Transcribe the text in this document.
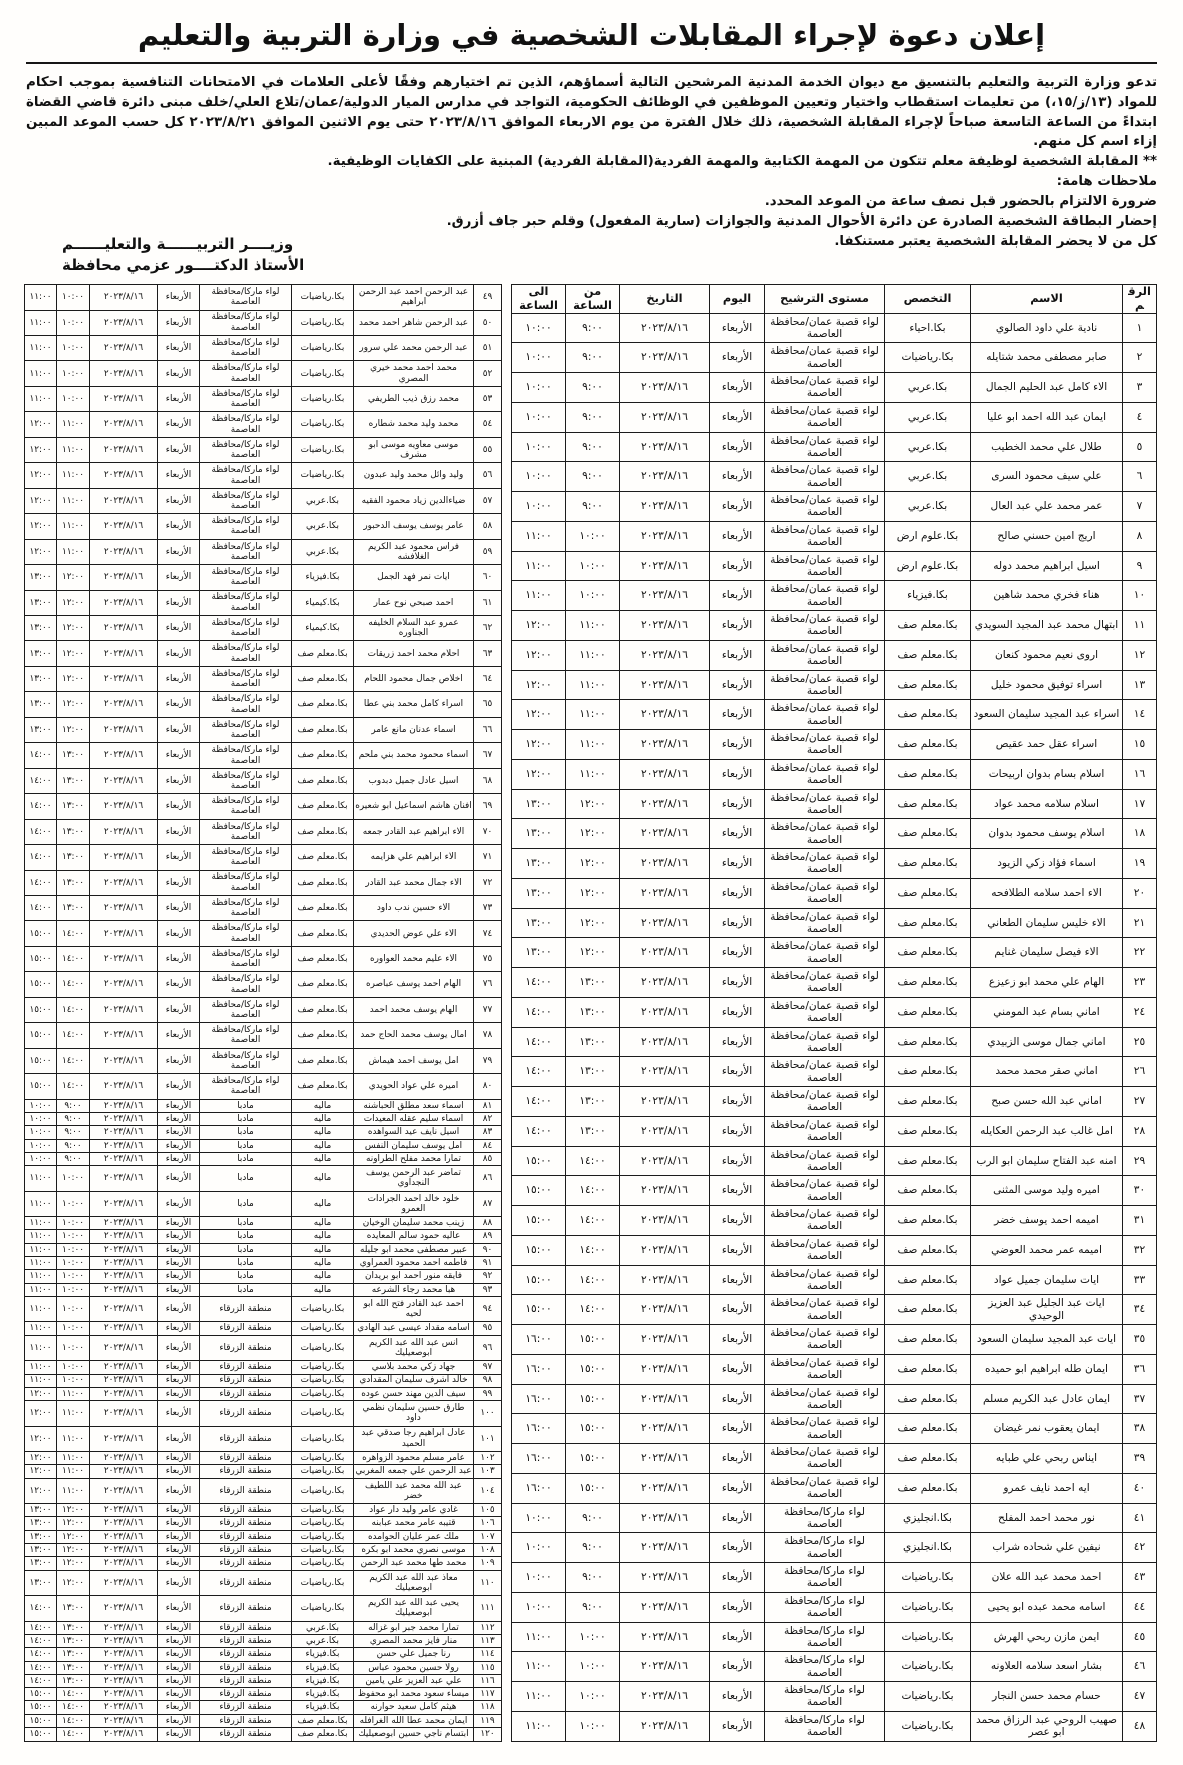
إعلان دعوة لإجراء المقابلات الشخصية في وزارة التربية والتعليم

تدعو وزارة التربية والتعليم بالتنسيق مع ديوان الخدمة المدنية المرشحين التالية أسماؤهم، الذين تم اختيارهم وفقًا لأعلى العلامات في الامتحانات التنافسية بموجب احكام للمواد (١٣/ز/١٥،) من تعليمات استقطاب واختيار وتعيين الموظفين في الوظائف الحكومية، التواجد في مدارس الميار الدولية/عمان/تلاع العلي/خلف مبنى دائرة قاضي القضاة ابتداءً من الساعة التاسعة صباحاً لإجراء المقابلة الشخصية، ذلك خلال الفترة من يوم الاربعاء الموافق ٢٠٢٣/٨/١٦ حتى يوم الاثنين الموافق ٢٠٢٣/٨/٢١ كل حسب الموعد المبين إزاء اسم كل منهم.

** المقابلة الشخصية لوظيفة معلم تتكون من المهمة الكتابية والمهمة الفردية(المقابلة الفردية) المبنية على الكفايات الوظيفية.

ملاحظات هامة:

ضرورة الالتزام بالحضور قبل نصف ساعة من الموعد المحدد.

إحضار البطاقة الشخصية الصادرة عن دائرة الأحوال المدنية والجوازات (سارية المفعول) وقلم حبر جاف أزرق.

كل من لا يحضر المقابلة الشخصية يعتبر مستنكفا.

وزيــــر التربيــــــة والتعليــــــم
الأستاذ الدكتــــور عزمي محافظة
الرقم	الاسم	التخصص	مستوى الترشيح	اليوم	التاريخ	من الساعة	الى الساعة
١	نادية علي داود الصالوي	بكا.احياء	لواء قصبة عمان/محافظة العاصمة	الأربعاء	٢٠٢٣/٨/١٦	٩:٠٠	١٠:٠٠
٢	صابر مصطفى محمد شتايله	بكا.رياضيات	لواء قصبة عمان/محافظة العاصمة	الأربعاء	٢٠٢٣/٨/١٦	٩:٠٠	١٠:٠٠
٣	الاء كامل عبد الحليم الجمال	بكا.عربي	لواء قصبة عمان/محافظة العاصمة	الأربعاء	٢٠٢٣/٨/١٦	٩:٠٠	١٠:٠٠
٤	ايمان عبد الله احمد ابو عليا	بكا.عربي	لواء قصبة عمان/محافظة العاصمة	الأربعاء	٢٠٢٣/٨/١٦	٩:٠٠	١٠:٠٠
٥	طلال علي محمد الخطيب	بكا.عربي	لواء قصبة عمان/محافظة العاصمة	الأربعاء	٢٠٢٣/٨/١٦	٩:٠٠	١٠:٠٠
٦	علي سيف محمود السرى	بكا.عربي	لواء قصبة عمان/محافظة العاصمة	الأربعاء	٢٠٢٣/٨/١٦	٩:٠٠	١٠:٠٠
٧	عمر محمد علي عبد العال	بكا.عربي	لواء قصبة عمان/محافظة العاصمة	الأربعاء	٢٠٢٣/٨/١٦	٩:٠٠	١٠:٠٠
٨	اريج امين حسني صالح	بكا.علوم ارض	لواء قصبة عمان/محافظة العاصمة	الأربعاء	٢٠٢٣/٨/١٦	١٠:٠٠	١١:٠٠
٩	اسيل ابراهيم محمد دوله	بكا.علوم ارض	لواء قصبة عمان/محافظة العاصمة	الأربعاء	٢٠٢٣/٨/١٦	١٠:٠٠	١١:٠٠
١٠	هناء فخري محمد شاهين	بكا.فيزياء	لواء قصبة عمان/محافظة العاصمة	الأربعاء	٢٠٢٣/٨/١٦	١٠:٠٠	١١:٠٠
١١	ابتهال محمد عبد المجيد السويدي	بكا.معلم صف	لواء قصبة عمان/محافظة العاصمة	الأربعاء	٢٠٢٣/٨/١٦	١١:٠٠	١٢:٠٠
١٢	اروى نعيم محمود كنعان	بكا.معلم صف	لواء قصبة عمان/محافظة العاصمة	الأربعاء	٢٠٢٣/٨/١٦	١١:٠٠	١٢:٠٠
١٣	اسراء توفيق محمود خليل	بكا.معلم صف	لواء قصبة عمان/محافظة العاصمة	الأربعاء	٢٠٢٣/٨/١٦	١١:٠٠	١٢:٠٠
١٤	اسراء عبد المجيد سليمان السعود	بكا.معلم صف	لواء قصبة عمان/محافظة العاصمة	الأربعاء	٢٠٢٣/٨/١٦	١١:٠٠	١٢:٠٠
١٥	اسراء عقل حمد عقيص	بكا.معلم صف	لواء قصبة عمان/محافظة العاصمة	الأربعاء	٢٠٢٣/٨/١٦	١١:٠٠	١٢:٠٠
١٦	اسلام بسام بدوان اربيحات	بكا.معلم صف	لواء قصبة عمان/محافظة العاصمة	الأربعاء	٢٠٢٣/٨/١٦	١١:٠٠	١٢:٠٠
١٧	اسلام سلامه محمد عواد	بكا.معلم صف	لواء قصبة عمان/محافظة العاصمة	الأربعاء	٢٠٢٣/٨/١٦	١٢:٠٠	١٣:٠٠
١٨	اسلام يوسف محمود بدوان	بكا.معلم صف	لواء قصبة عمان/محافظة العاصمة	الأربعاء	٢٠٢٣/٨/١٦	١٢:٠٠	١٣:٠٠
١٩	اسماء فؤاد زكي الزيود	بكا.معلم صف	لواء قصبة عمان/محافظة العاصمة	الأربعاء	٢٠٢٣/٨/١٦	١٢:٠٠	١٣:٠٠
٢٠	الاء احمد سلامه الطلافحه	بكا.معلم صف	لواء قصبة عمان/محافظة العاصمة	الأربعاء	٢٠٢٣/٨/١٦	١٢:٠٠	١٣:٠٠
٢١	الاء خليس سليمان الطعاني	بكا.معلم صف	لواء قصبة عمان/محافظة العاصمة	الأربعاء	٢٠٢٣/٨/١٦	١٢:٠٠	١٣:٠٠
٢٢	الاء فيصل سليمان غنايم	بكا.معلم صف	لواء قصبة عمان/محافظة العاصمة	الأربعاء	٢٠٢٣/٨/١٦	١٢:٠٠	١٣:٠٠
٢٣	الهام علي محمد ابو زعيزع	بكا.معلم صف	لواء قصبة عمان/محافظة العاصمة	الأربعاء	٢٠٢٣/٨/١٦	١٣:٠٠	١٤:٠٠
٢٤	اماني بسام عبد المومني	بكا.معلم صف	لواء قصبة عمان/محافظة العاصمة	الأربعاء	٢٠٢٣/٨/١٦	١٣:٠٠	١٤:٠٠
٢٥	اماني جمال موسى الزبيدي	بكا.معلم صف	لواء قصبة عمان/محافظة العاصمة	الأربعاء	٢٠٢٣/٨/١٦	١٣:٠٠	١٤:٠٠
٢٦	اماني صقر محمد محمد	بكا.معلم صف	لواء قصبة عمان/محافظة العاصمة	الأربعاء	٢٠٢٣/٨/١٦	١٣:٠٠	١٤:٠٠
٢٧	اماني عبد الله حسن صبح	بكا.معلم صف	لواء قصبة عمان/محافظة العاصمة	الأربعاء	٢٠٢٣/٨/١٦	١٣:٠٠	١٤:٠٠
٢٨	امل غالب عبد الرحمن العكايله	بكا.معلم صف	لواء قصبة عمان/محافظة العاصمة	الأربعاء	٢٠٢٣/٨/١٦	١٣:٠٠	١٤:٠٠
٢٩	امنه عبد الفتاح سليمان ابو الرب	بكا.معلم صف	لواء قصبة عمان/محافظة العاصمة	الأربعاء	٢٠٢٣/٨/١٦	١٤:٠٠	١٥:٠٠
٣٠	اميره وليد موسى المثنى	بكا.معلم صف	لواء قصبة عمان/محافظة العاصمة	الأربعاء	٢٠٢٣/٨/١٦	١٤:٠٠	١٥:٠٠
٣١	اميمه احمد يوسف خضر	بكا.معلم صف	لواء قصبة عمان/محافظة العاصمة	الأربعاء	٢٠٢٣/٨/١٦	١٤:٠٠	١٥:٠٠
٣٢	اميمه عمر محمد العوضي	بكا.معلم صف	لواء قصبة عمان/محافظة العاصمة	الأربعاء	٢٠٢٣/٨/١٦	١٤:٠٠	١٥:٠٠
٣٣	ايات سليمان جميل عواد	بكا.معلم صف	لواء قصبة عمان/محافظة العاصمة	الأربعاء	٢٠٢٣/٨/١٦	١٤:٠٠	١٥:٠٠
٣٤	ايات عبد الجليل عبد العزيز الوحيدي	بكا.معلم صف	لواء قصبة عمان/محافظة العاصمة	الأربعاء	٢٠٢٣/٨/١٦	١٤:٠٠	١٥:٠٠
٣٥	ايات عبد المجيد سليمان السعود	بكا.معلم صف	لواء قصبة عمان/محافظة العاصمة	الأربعاء	٢٠٢٣/٨/١٦	١٥:٠٠	١٦:٠٠
٣٦	ايمان طله ابراهيم ابو حميده	بكا.معلم صف	لواء قصبة عمان/محافظة العاصمة	الأربعاء	٢٠٢٣/٨/١٦	١٥:٠٠	١٦:٠٠
٣٧	ايمان عادل عبد الكريم مسلم	بكا.معلم صف	لواء قصبة عمان/محافظة العاصمة	الأربعاء	٢٠٢٣/٨/١٦	١٥:٠٠	١٦:٠٠
٣٨	ايمان يعقوب نمر غيضان	بكا.معلم صف	لواء قصبة عمان/محافظة العاصمة	الأربعاء	٢٠٢٣/٨/١٦	١٥:٠٠	١٦:٠٠
٣٩	ايناس ربحي علي طبايه	بكا.معلم صف	لواء قصبة عمان/محافظة العاصمة	الأربعاء	٢٠٢٣/٨/١٦	١٥:٠٠	١٦:٠٠
٤٠	ايه احمد نايف عمرو	بكا.معلم صف	لواء قصبة عمان/محافظة العاصمة	الأربعاء	٢٠٢٣/٨/١٦	١٥:٠٠	١٦:٠٠
٤١	نور محمد احمد المفلح	بكا.انجليزي	لواء ماركا/محافظة العاصمة	الأربعاء	٢٠٢٣/٨/١٦	٩:٠٠	١٠:٠٠
٤٢	نيفين علي شحاده شراب	بكا.انجليزي	لواء ماركا/محافظة العاصمة	الأربعاء	٢٠٢٣/٨/١٦	٩:٠٠	١٠:٠٠
٤٣	احمد محمد عبد الله علان	بكا.رياضيات	لواء ماركا/محافظة العاصمة	الأربعاء	٢٠٢٣/٨/١٦	٩:٠٠	١٠:٠٠
٤٤	اسامه محمد عبده ابو يحيى	بكا.رياضيات	لواء ماركا/محافظة العاصمة	الأربعاء	٢٠٢٣/٨/١٦	٩:٠٠	١٠:٠٠
٤٥	ايمن مازن ربحي الهرش	بكا.رياضيات	لواء ماركا/محافظة العاصمة	الأربعاء	٢٠٢٣/٨/١٦	١٠:٠٠	١١:٠٠
٤٦	بشار اسعد سلامه العلاونه	بكا.رياضيات	لواء ماركا/محافظة العاصمة	الأربعاء	٢٠٢٣/٨/١٦	١٠:٠٠	١١:٠٠
٤٧	حسام محمد حسن النجار	بكا.رياضيات	لواء ماركا/محافظة العاصمة	الأربعاء	٢٠٢٣/٨/١٦	١٠:٠٠	١١:٠٠
٤٨	صهيب الروحي عبد الرزاق محمد ابو عصر	بكا.رياضيات	لواء ماركا/محافظة العاصمة	الأربعاء	٢٠٢٣/٨/١٦	١٠:٠٠	١١:٠٠
٤٩	عبد الرحمن احمد عبد الرحمن ابراهيم	بكا.رياضيات	لواء ماركا/محافظة العاصمة	الأربعاء	٢٠٢٣/٨/١٦	١٠:٠٠	١١:٠٠
٥٠	عبد الرحمن شاهر احمد محمد	بكا.رياضيات	لواء ماركا/محافظة العاصمة	الأربعاء	٢٠٢٣/٨/١٦	١٠:٠٠	١١:٠٠
٥١	عبد الرحمن محمد علي سرور	بكا.رياضيات	لواء ماركا/محافظة العاصمة	الأربعاء	٢٠٢٣/٨/١٦	١٠:٠٠	١١:٠٠
٥٢	محمد احمد محمد خيري المصري	بكا.رياضيات	لواء ماركا/محافظة العاصمة	الأربعاء	٢٠٢٣/٨/١٦	١٠:٠٠	١١:٠٠
٥٣	محمد رزق ذيب الطريفي	بكا.رياضيات	لواء ماركا/محافظة العاصمة	الأربعاء	٢٠٢٣/٨/١٦	١٠:٠٠	١١:٠٠
٥٤	محمد وليد محمد شطاره	بكا.رياضيات	لواء ماركا/محافظة العاصمة	الأربعاء	٢٠٢٣/٨/١٦	١١:٠٠	١٢:٠٠
٥٥	موسى معاويه موسى ابو مشرف	بكا.رياضيات	لواء ماركا/محافظة العاصمة	الأربعاء	٢٠٢٣/٨/١٦	١١:٠٠	١٢:٠٠
٥٦	وليد وائل محمد وليد عبدون	بكا.رياضيات	لواء ماركا/محافظة العاصمة	الأربعاء	٢٠٢٣/٨/١٦	١١:٠٠	١٢:٠٠
٥٧	ضياءالدين زياد محمود الفقيه	بكا.عربي	لواء ماركا/محافظة العاصمة	الأربعاء	٢٠٢٣/٨/١٦	١١:٠٠	١٢:٠٠
٥٨	عامر يوسف يوسف الدحبور	بكا.عربي	لواء ماركا/محافظة العاصمة	الأربعاء	٢٠٢٣/٨/١٦	١١:٠٠	١٢:٠٠
٥٩	فراس محمود عبد الكريم الغلافشه	بكا.عربي	لواء ماركا/محافظة العاصمة	الأربعاء	٢٠٢٣/٨/١٦	١١:٠٠	١٢:٠٠
٦٠	ايات نمر فهد الجمل	بكا.فيزياء	لواء ماركا/محافظة العاصمة	الأربعاء	٢٠٢٣/٨/١٦	١٢:٠٠	١٣:٠٠
٦١	احمد صبحي نوح عمار	بكا.كيمياء	لواء ماركا/محافظة العاصمة	الأربعاء	٢٠٢٣/٨/١٦	١٢:٠٠	١٣:٠٠
٦٢	عمرو عبد السلام الخليفه الجناوره	بكا.كيمياء	لواء ماركا/محافظة العاصمة	الأربعاء	٢٠٢٣/٨/١٦	١٢:٠٠	١٣:٠٠
٦٣	احلام محمد احمد زريقات	بكا.معلم صف	لواء ماركا/محافظة العاصمة	الأربعاء	٢٠٢٣/٨/١٦	١٢:٠٠	١٣:٠٠
٦٤	اخلاص جمال محمود اللحام	بكا.معلم صف	لواء ماركا/محافظة العاصمة	الأربعاء	٢٠٢٣/٨/١٦	١٢:٠٠	١٣:٠٠
٦٥	اسراء كامل محمد بني عطا	بكا.معلم صف	لواء ماركا/محافظة العاصمة	الأربعاء	٢٠٢٣/٨/١٦	١٢:٠٠	١٣:٠٠
٦٦	اسماء عدنان مانع عامر	بكا.معلم صف	لواء ماركا/محافظة العاصمة	الأربعاء	٢٠٢٣/٨/١٦	١٢:٠٠	١٣:٠٠
٦٧	اسماء محمود محمد بني ملحم	بكا.معلم صف	لواء ماركا/محافظة العاصمة	الأربعاء	٢٠٢٣/٨/١٦	١٣:٠٠	١٤:٠٠
٦٨	اسيل عادل جميل دبدوب	بكا.معلم صف	لواء ماركا/محافظة العاصمة	الأربعاء	٢٠٢٣/٨/١٦	١٣:٠٠	١٤:٠٠
٦٩	افنان هاشم اسماعيل ابو شعيره	بكا.معلم صف	لواء ماركا/محافظة العاصمة	الأربعاء	٢٠٢٣/٨/١٦	١٣:٠٠	١٤:٠٠
٧٠	الاء ابراهيم عبد القادر جمعه	بكا.معلم صف	لواء ماركا/محافظة العاصمة	الأربعاء	٢٠٢٣/٨/١٦	١٣:٠٠	١٤:٠٠
٧١	الاء ابراهيم علي هزايمه	بكا.معلم صف	لواء ماركا/محافظة العاصمة	الأربعاء	٢٠٢٣/٨/١٦	١٣:٠٠	١٤:٠٠
٧٢	الاء جمال محمد عبد القادر	بكا.معلم صف	لواء ماركا/محافظة العاصمة	الأربعاء	٢٠٢٣/٨/١٦	١٣:٠٠	١٤:٠٠
٧٣	الاء حسين ندب داود	بكا.معلم صف	لواء ماركا/محافظة العاصمة	الأربعاء	٢٠٢٣/٨/١٦	١٣:٠٠	١٤:٠٠
٧٤	الاء علي عوض الحديدي	بكا.معلم صف	لواء ماركا/محافظة العاصمة	الأربعاء	٢٠٢٣/٨/١٦	١٤:٠٠	١٥:٠٠
٧٥	الاء عليم محمد العواوره	بكا.معلم صف	لواء ماركا/محافظة العاصمة	الأربعاء	٢٠٢٣/٨/١٦	١٤:٠٠	١٥:٠٠
٧٦	الهام احمد يوسف عباصره	بكا.معلم صف	لواء ماركا/محافظة العاصمة	الأربعاء	٢٠٢٣/٨/١٦	١٤:٠٠	١٥:٠٠
٧٧	الهام يوسف محمد احمد	بكا.معلم صف	لواء ماركا/محافظة العاصمة	الأربعاء	٢٠٢٣/٨/١٦	١٤:٠٠	١٥:٠٠
٧٨	امال يوسف محمد الحاج حمد	بكا.معلم صف	لواء ماركا/محافظة العاصمة	الأربعاء	٢٠٢٣/٨/١٦	١٤:٠٠	١٥:٠٠
٧٩	امل يوسف احمد هيماش	بكا.معلم صف	لواء ماركا/محافظة العاصمة	الأربعاء	٢٠٢٣/٨/١٦	١٤:٠٠	١٥:٠٠
٨٠	اميره علي عواد الحويدي	بكا.معلم صف	لواء ماركا/محافظة العاصمة	الأربعاء	٢٠٢٣/٨/١٦	١٤:٠٠	١٥:٠٠
٨١	اسماء سعد مطلق الحباشنه	ماليه	مادبا	الأربعاء	٢٠٢٣/٨/١٦	٩:٠٠	١٠:٠٠
٨٢	اسماء سليم عقله المعيدات	ماليه	مادبا	الأربعاء	٢٠٢٣/٨/١٦	٩:٠٠	١٠:٠٠
٨٣	اسيل نايف عيد السواهده	ماليه	مادبا	الأربعاء	٢٠٢٣/٨/١٦	٩:٠٠	١٠:٠٠
٨٤	امل يوسف سليمان النفس	ماليه	مادبا	الأربعاء	٢٠٢٣/٨/١٦	٩:٠٠	١٠:٠٠
٨٥	تمارا محمد مفلح الطراونه	ماليه	مادبا	الأربعاء	٢٠٢٣/٨/١٦	٩:٠٠	١٠:٠٠
٨٦	تماضر عبد الرحمن يوسف النجداوي	ماليه	مادبا	الأربعاء	٢٠٢٣/٨/١٦	١٠:٠٠	١١:٠٠
٨٧	خلود خالد احمد الجرادات العمرو	ماليه	مادبا	الأربعاء	٢٠٢٣/٨/١٦	١٠:٠٠	١١:٠٠
٨٨	زينب محمد سليمان الوخيان	ماليه	مادبا	الأربعاء	٢٠٢٣/٨/١٦	١٠:٠٠	١١:٠٠
٨٩	عاليه حمود سالم المعايده	ماليه	مادبا	الأربعاء	٢٠٢٣/٨/١٦	١٠:٠٠	١١:٠٠
٩٠	عبير مصطفى محمد ابو جليله	ماليه	مادبا	الأربعاء	٢٠٢٣/٨/١٦	١٠:٠٠	١١:٠٠
٩١	فاطمه احمد محمود العمراوي	ماليه	مادبا	الأربعاء	٢٠٢٣/٨/١٦	١٠:٠٠	١١:٠٠
٩٢	فايقه منور احمد ابو بريدان	ماليه	مادبا	الأربعاء	٢٠٢٣/٨/١٦	١٠:٠٠	١١:٠٠
٩٣	هبا محمد رجاء الشرعه	ماليه	مادبا	الأربعاء	٢٠٢٣/٨/١٦	١٠:٠٠	١١:٠٠
٩٤	احمد عبد القادر فتح الله ابو لحيه	بكا.رياضيات	منطقة الزرقاء	الأربعاء	٢٠٢٣/٨/١٦	١٠:٠٠	١١:٠٠
٩٥	اسامه مقداد عيسى عبد الهادي	بكا.رياضيات	منطقة الزرقاء	الأربعاء	٢٠٢٣/٨/١٦	١٠:٠٠	١١:٠٠
٩٦	انس عبد الله عبد الكريم ابوصعيليك	بكا.رياضيات	منطقة الزرقاء	الأربعاء	٢٠٢٣/٨/١٦	١٠:٠٠	١١:٠٠
٩٧	جهاد زكي محمد بلاسي	بكا.رياضيات	منطقة الزرقاء	الأربعاء	٢٠٢٣/٨/١٦	١٠:٠٠	١١:٠٠
٩٨	خالد اشرف سليمان المقدادي	بكا.رياضيات	منطقة الزرقاء	الأربعاء	٢٠٢٣/٨/١٦	١٠:٠٠	١١:٠٠
٩٩	سيف الدين مهند حسن عوده	بكا.رياضيات	منطقة الزرقاء	الأربعاء	٢٠٢٣/٨/١٦	١١:٠٠	١٢:٠٠
١٠٠	طارق حسين سليمان نظمي داود	بكا.رياضيات	منطقة الزرقاء	الأربعاء	٢٠٢٣/٨/١٦	١١:٠٠	١٢:٠٠
١٠١	عادل ابراهيم رجا صدقي عبد الحميد	بكا.رياضيات	منطقة الزرقاء	الأربعاء	٢٠٢٣/٨/١٦	١١:٠٠	١٢:٠٠
١٠٢	عامر مسلم محمود الزواهره	بكا.رياضيات	منطقة الزرقاء	الأربعاء	٢٠٢٣/٨/١٦	١١:٠٠	١٢:٠٠
١٠٣	عبد الرحمن علي جمعه المغربي	بكا.رياضيات	منطقة الزرقاء	الأربعاء	٢٠٢٣/٨/١٦	١١:٠٠	١٢:٠٠
١٠٤	عبد الله محمد عبد اللطيف خضر	بكا.رياضيات	منطقة الزرقاء	الأربعاء	٢٠٢٣/٨/١٦	١١:٠٠	١٢:٠٠
١٠٥	غادي عامر وليد دار عواد	بكا.رياضيات	منطقة الزرقاء	الأربعاء	٢٠٢٣/٨/١٦	١٢:٠٠	١٣:٠٠
١٠٦	قتيبه عامر محمد عبابنه	بكا.رياضيات	منطقة الزرقاء	الأربعاء	٢٠٢٣/٨/١٦	١٢:٠٠	١٣:٠٠
١٠٧	ملك عمر عليان الحوامده	بكا.رياضيات	منطقة الزرقاء	الأربعاء	٢٠٢٣/٨/١٦	١٢:٠٠	١٣:٠٠
١٠٨	موسى نصري محمد ابو بكره	بكا.رياضيات	منطقة الزرقاء	الأربعاء	٢٠٢٣/٨/١٦	١٢:٠٠	١٣:٠٠
١٠٩	محمد طها محمد عبد الرحمن	بكا.رياضيات	منطقة الزرقاء	الأربعاء	٢٠٢٣/٨/١٦	١٢:٠٠	١٣:٠٠
١١٠	معاذ عبد الله عبد الكريم ابوصعيليك	بكا.رياضيات	منطقة الزرقاء	الأربعاء	٢٠٢٣/٨/١٦	١٢:٠٠	١٣:٠٠
١١١	يحيى عبد الله عبد الكريم ابوصعيليك	بكا.رياضيات	منطقة الزرقاء	الأربعاء	٢٠٢٣/٨/١٦	١٣:٠٠	١٤:٠٠
١١٢	تمارا محمد جبر ابو غزاله	بكا.عربي	منطقة الزرقاء	الأربعاء	٢٠٢٣/٨/١٦	١٣:٠٠	١٤:٠٠
١١٣	منار فايز محمد المصري	بكا.عربي	منطقة الزرقاء	الأربعاء	٢٠٢٣/٨/١٦	١٣:٠٠	١٤:٠٠
١١٤	رنا جميل علي حسن	بكا.فيزياء	منطقة الزرقاء	الأربعاء	٢٠٢٣/٨/١٦	١٣:٠٠	١٤:٠٠
١١٥	رولا حسين محمود عباس	بكا.فيزياء	منطقة الزرقاء	الأربعاء	٢٠٢٣/٨/١٦	١٣:٠٠	١٤:٠٠
١١٦	علي عبد العزيز علي يامين	بكا.فيزياء	منطقة الزرقاء	الأربعاء	٢٠٢٣/٨/١٦	١٣:٠٠	١٤:٠٠
١١٧	ميساء سعود محمد ابو محفوظ	بكا.فيزياء	منطقة الزرقاء	الأربعاء	٢٠٢٣/٨/١٦	١٤:٠٠	١٥:٠٠
١١٨	هيثم كامل سعيد حوارنه	بكا.فيزياء	منطقة الزرقاء	الأربعاء	٢٠٢٣/٨/١٦	١٤:٠٠	١٥:٠٠
١١٩	ايمان محمد عطا الله الغرافله	بكا.معلم صف	منطقة الزرقاء	الأربعاء	٢٠٢٣/٨/١٦	١٤:٠٠	١٥:٠٠
١٢٠	ابتسام ناجي حسين ابوصعيليك	بكا.معلم صف	منطقة الزرقاء	الأربعاء	٢٠٢٣/٨/١٦	١٤:٠٠	١٥:٠٠
